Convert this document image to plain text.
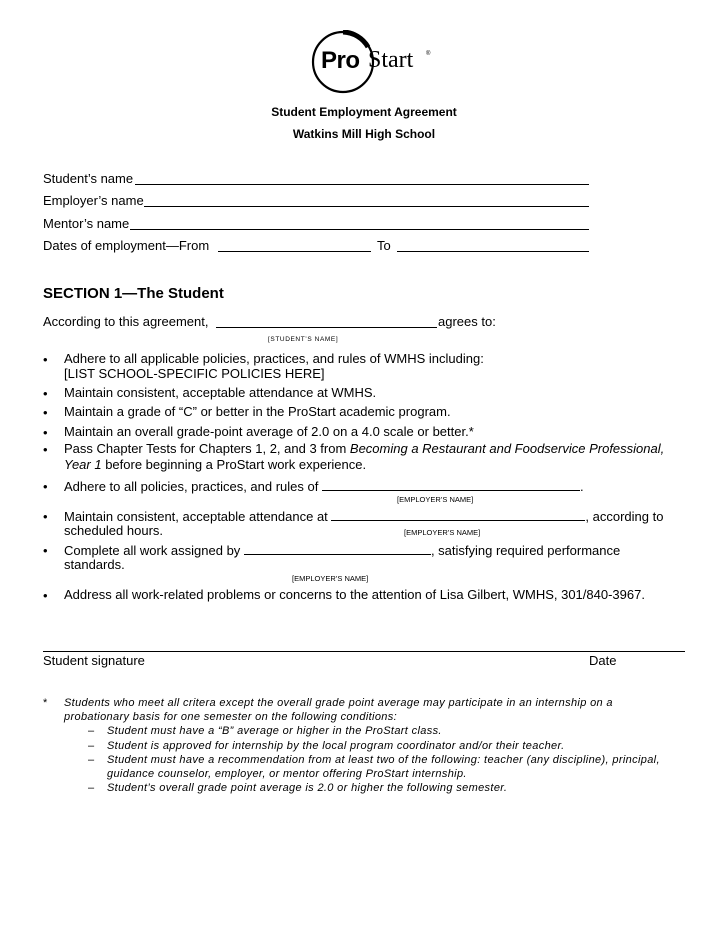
Pro Start ®
Student Employment Agreement
Watkins Mill High School
Student’s name
Employer’s name
Mentor’s name
Dates of employment—From	To
SECTION 1—The Student
According to this agreement,	agrees to:
[STUDENT’S NAME]
• Adhere to all applicable policies, practices, and rules of WMHS including:
[LIST SCHOOL-SPECIFIC POLICIES HERE]
• Maintain consistent, acceptable attendance at WMHS.
• Maintain a grade of “C” or better in the ProStart academic program.
• Maintain an overall grade-point average of 2.0 on a 4.0 scale or better.*
• Pass Chapter Tests for Chapters 1, 2, and 3 from Becoming a Restaurant and Foodservice Professional,
Year 1 before beginning a ProStart work experience.
• Adhere to all policies, practices, and rules of	.
[EMPLOYER’S NAME]
• Maintain consistent, acceptable attendance at	, according to
scheduled hours.	[EMPLOYER’S NAME]
• Complete all work assigned by	, satisfying required performance
standards.
[EMPLOYER’S NAME]
• Address all work-related problems or concerns to the attention of Lisa Gilbert, WMHS, 301/840-3967.
Student signature	Date
* Students who meet all critera except the overall grade point average may participate in an internship on a
probationary basis for one semester on the following conditions:
– Student must have a “B” average or higher in the ProStart class.
– Student is approved for internship by the local program coordinator and/or their teacher.
– Student must have a recommendation from at least two of the following: teacher (any discipline), principal,
guidance counselor, employer, or mentor offering ProStart internship.
– Student’s overall grade point average is 2.0 or higher the following semester.
